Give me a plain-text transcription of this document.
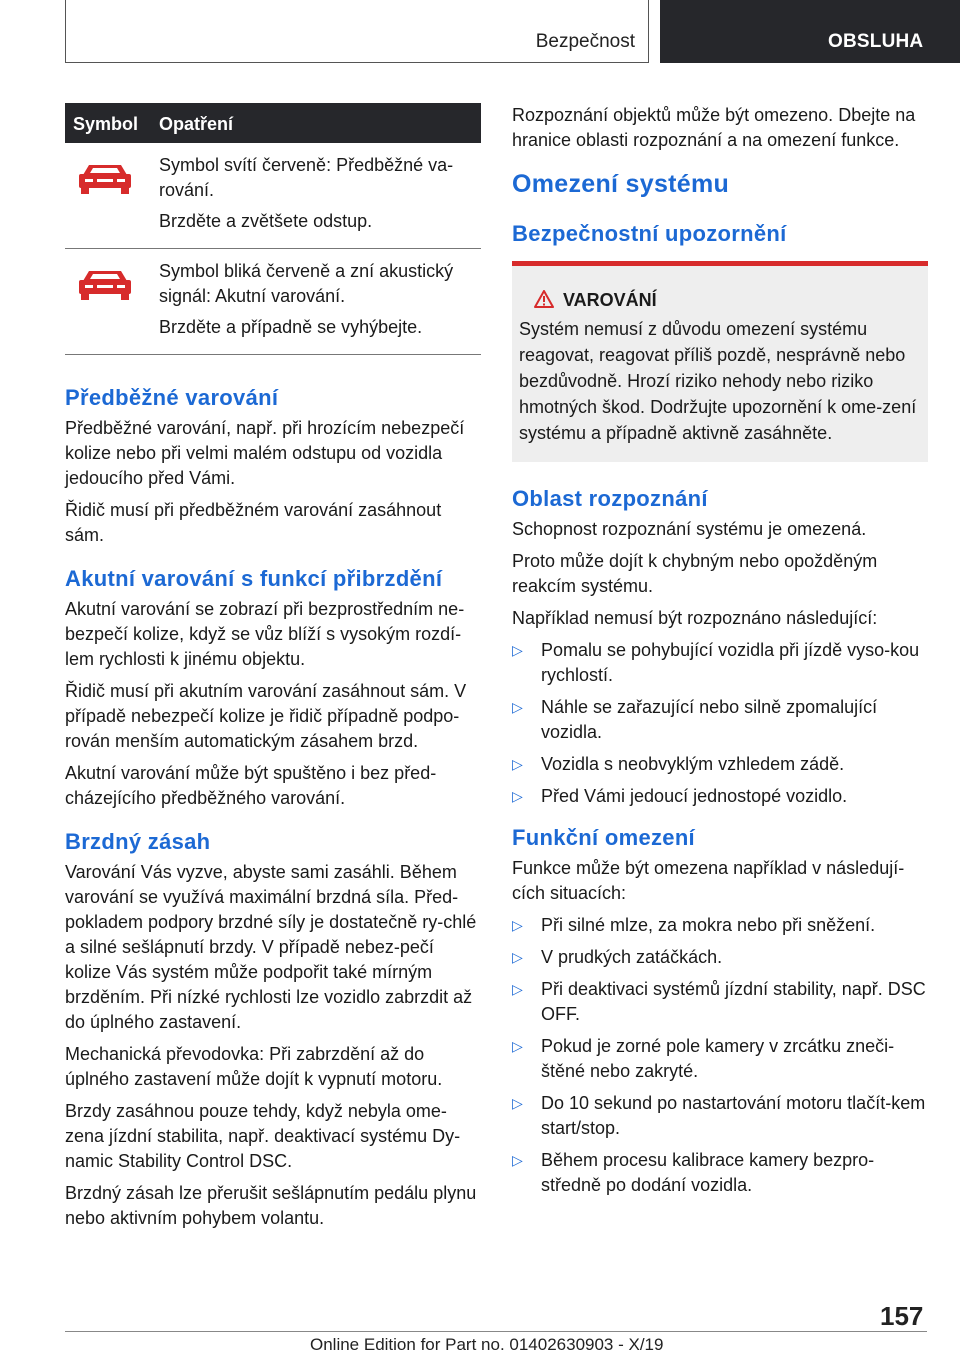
Bezpečnost	OBSLUHA
Symbol Opatření

Symbol svítí červeně: Předběžné va-rování.

Brzděte a zvětšete odstup.

Symbol bliká červeně a zní akustický signál: Akutní varování.

Brzděte a případně se vyhýbejte.

Předběžné varování

Předběžné varování, např. při hrozícím nebezpečí kolize nebo při velmi malém odstupu od vozidla jedoucího před Vámi.

Řidič musí při předběžném varování zasáhnout sám.

Akutní varování s funkcí přibrzdění

Akutní varování se zobrazí při bezprostředním ne-bezpečí kolize, když se vůz blíží s vysokým rozdí-lem rychlosti k jinému objektu.

Řidič musí při akutním varování zasáhnout sám. V případě nebezpečí kolize je řidič případně podpo-rován menším automatickým zásahem brzd.

Akutní varování může být spuštěno i bez před-cházejícího předběžného varování.

Brzdný zásah

Varování Vás vyzve, abyste sami zasáhli. Během varování se využívá maximální brzdná síla. Před-pokladem podpory brzdné síly je dostatečně ry-chlé a silné sešlápnutí brzdy. V případě nebez-pečí kolize Vás systém může podpořit také mírným brzděním. Při nízké rychlosti lze vozidlo zabrzdit až do úplného zastavení.

Mechanická převodovka: Při zabrzdění až do úplného zastavení může dojít k vypnutí motoru.

Brzdy zasáhnou pouze tehdy, když nebyla ome-zena jízdní stabilita, např. deaktivací systému Dy-namic Stability Control DSC.

Brzdný zásah lze přerušit sešlápnutím pedálu plynu nebo aktivním pohybem volantu.

Rozpoznání objektů může být omezeno. Dbejte na hranice oblasti rozpoznání a na omezení funkce.

Omezení systému
Bezpečnostní upozornění
VAROVÁNÍ

Systém nemusí z důvodu omezení systému reagovat, reagovat příliš pozdě, nesprávně nebo bezdůvodně. Hrozí riziko nehody nebo riziko hmotných škod. Dodržujte upozornění k ome-zení systému a případně aktivně zasáhněte.

Oblast rozpoznání

Schopnost rozpoznání systému je omezená.

Proto může dojít k chybným nebo opožděným reakcím systému.

Například nemusí být rozpoznáno následující:

▷ Pomalu se pohybující vozidla při jízdě vyso-kou rychlostí.
▷ Náhle se zařazující nebo silně zpomalující vozidla.
▷ Vozidla s neobvyklým vzhledem zádě.
▷ Před Vámi jedoucí jednostopé vozidlo.
Funkční omezení

Funkce může být omezena například v následují-cích situacích:

▷ Při silné mlze, za mokra nebo při sněžení.
▷ V prudkých zatáčkách.
▷ Při deaktivaci systémů jízdní stability, např. DSC OFF.
▷ Pokud je zorné pole kamery v zrcátku zneči-štěné nebo zakryté.
▷ Do 10 sekund po nastartování motoru tlačít-kem start/stop.
▷ Během procesu kalibrace kamery bezpro-středně po dodání vozidla.
157
Online Edition for Part no. 01402630903 - X/19
